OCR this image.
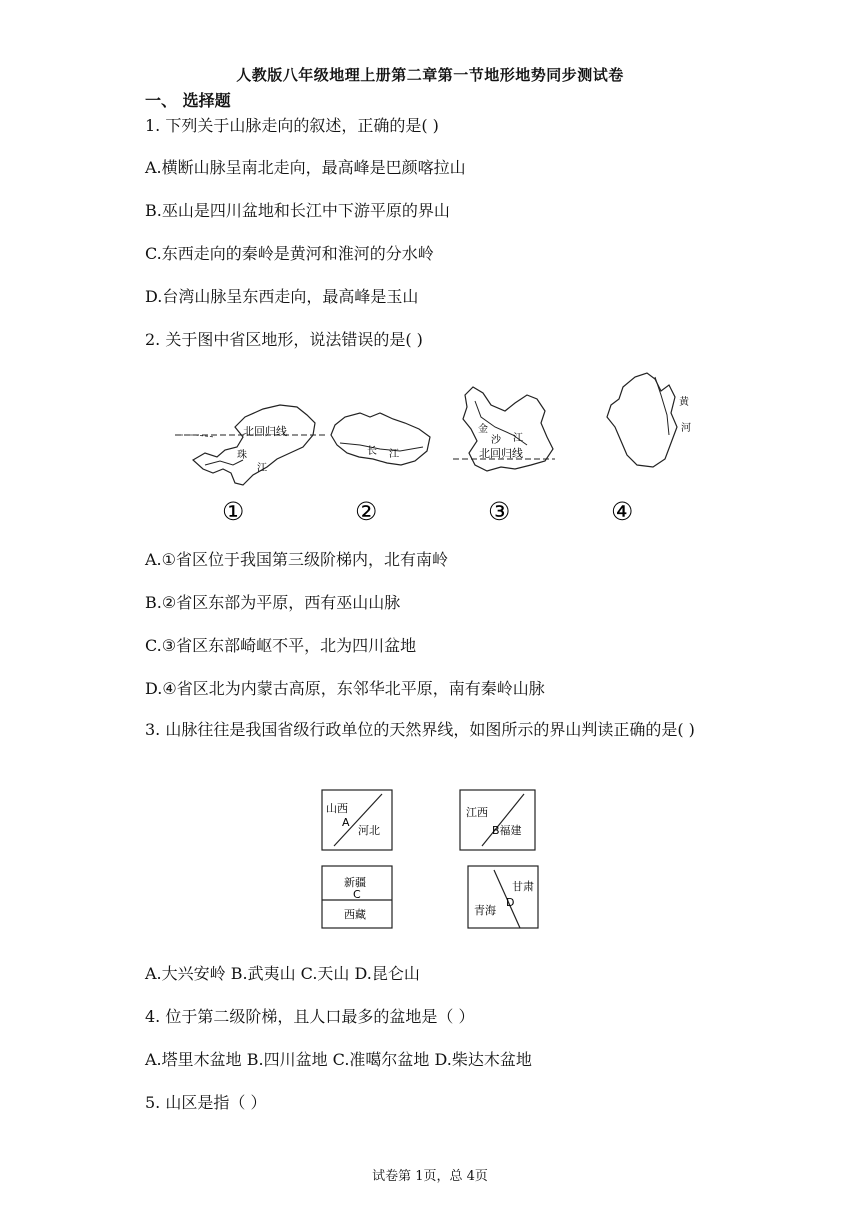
人教版八年级地理上册第二章第一节地形地势同步测试卷
一、 选择题
1. 下列关于山脉走向的叙述，正确的是( )
A.横断山脉呈南北走向，最高峰是巴颜喀拉山
B.巫山是四川盆地和长江中下游平原的界山
C.东西走向的秦岭是黄河和淮河的分水岭
D.台湾山脉呈东西走向，最高峰是玉山
2. 关于图中省区地形，说法错误的是( )
北回归线
珠
江
①
长 江
②
金
沙 江
北回归线
③
黄
河
④
A.①省区位于我国第三级阶梯内，北有南岭
B.②省区东部为平原，西有巫山山脉
C.③省区东部崎岖不平，北为四川盆地
D.④省区北为内蒙古高原，东邻华北平原，南有秦岭山脉
3. 山脉往往是我国省级行政单位的天然界线，如图所示的界山判读正确的是( )
山西
A
河北
江西
B福建
新疆
C
西藏
甘肃
D
青海
A.大兴安岭 B.武夷山 C.天山 D.昆仑山
4. 位于第二级阶梯，且人口最多的盆地是（ ）
A.塔里木盆地 B.四川盆地 C.准噶尔盆地 D.柴达木盆地
5. 山区是指（ ）
试卷第 1页，总 4页
